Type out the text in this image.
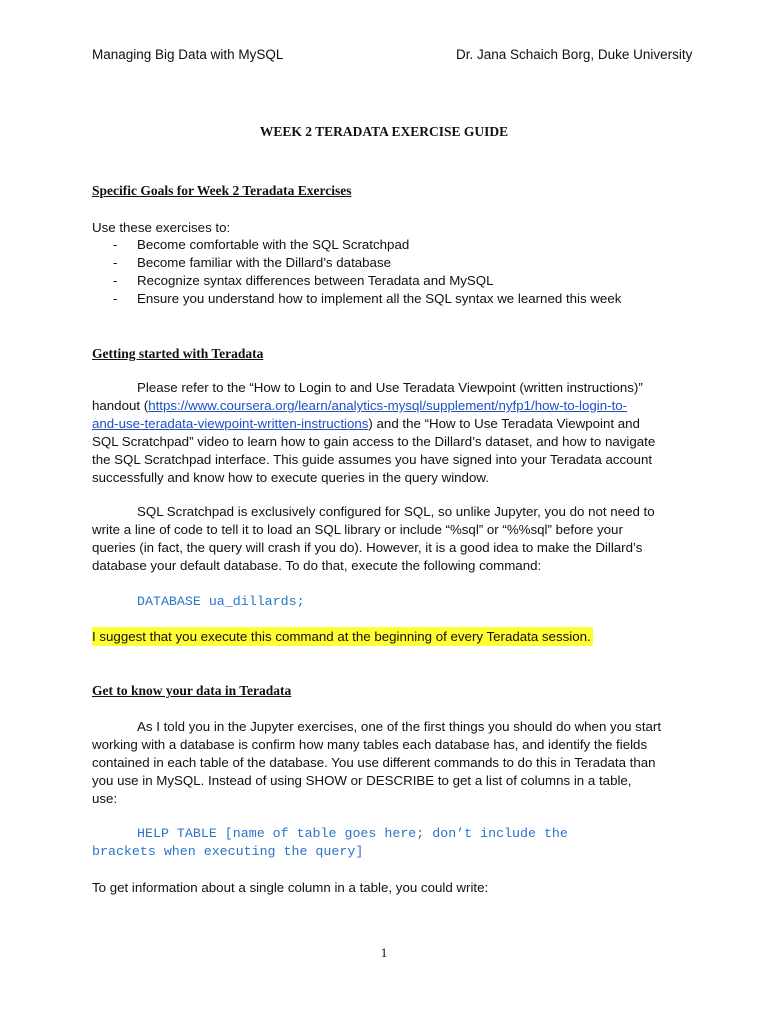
Managing Big Data with MySQL	Dr. Jana Schaich Borg, Duke University
WEEK 2 TERADATA EXERCISE GUIDE
Specific Goals for Week 2 Teradata Exercises
Use these exercises to:
- Become comfortable with the SQL Scratchpad
- Become familiar with the Dillard’s database
- Recognize syntax differences between Teradata and MySQL
- Ensure you understand how to implement all the SQL syntax we learned this week
Getting started with Teradata
Please refer to the “How to Login to and Use Teradata Viewpoint (written instructions)”
handout (https://www.coursera.org/learn/analytics-mysql/supplement/nyfp1/how-to-login-to-
and-use-teradata-viewpoint-written-instructions) and the “How to Use Teradata Viewpoint and
SQL Scratchpad” video to learn how to gain access to the Dillard’s dataset, and how to navigate
the SQL Scratchpad interface. This guide assumes you have signed into your Teradata account
successfully and know how to execute queries in the query window.
SQL Scratchpad is exclusively configured for SQL, so unlike Jupyter, you do not need to
write a line of code to tell it to load an SQL library or include “%sql” or “%%sql” before your
queries (in fact, the query will crash if you do). However, it is a good idea to make the Dillard’s
database your default database. To do that, execute the following command:
DATABASE ua_dillards;
I suggest that you execute this command at the beginning of every Teradata session.
Get to know your data in Teradata
As I told you in the Jupyter exercises, one of the first things you should do when you start
working with a database is confirm how many tables each database has, and identify the fields
contained in each table of the database. You use different commands to do this in Teradata than
you use in MySQL. Instead of using SHOW or DESCRIBE to get a list of columns in a table,
use:
HELP TABLE [name of table goes here; don’t include the
brackets when executing the query]
To get information about a single column in a table, you could write:
1
